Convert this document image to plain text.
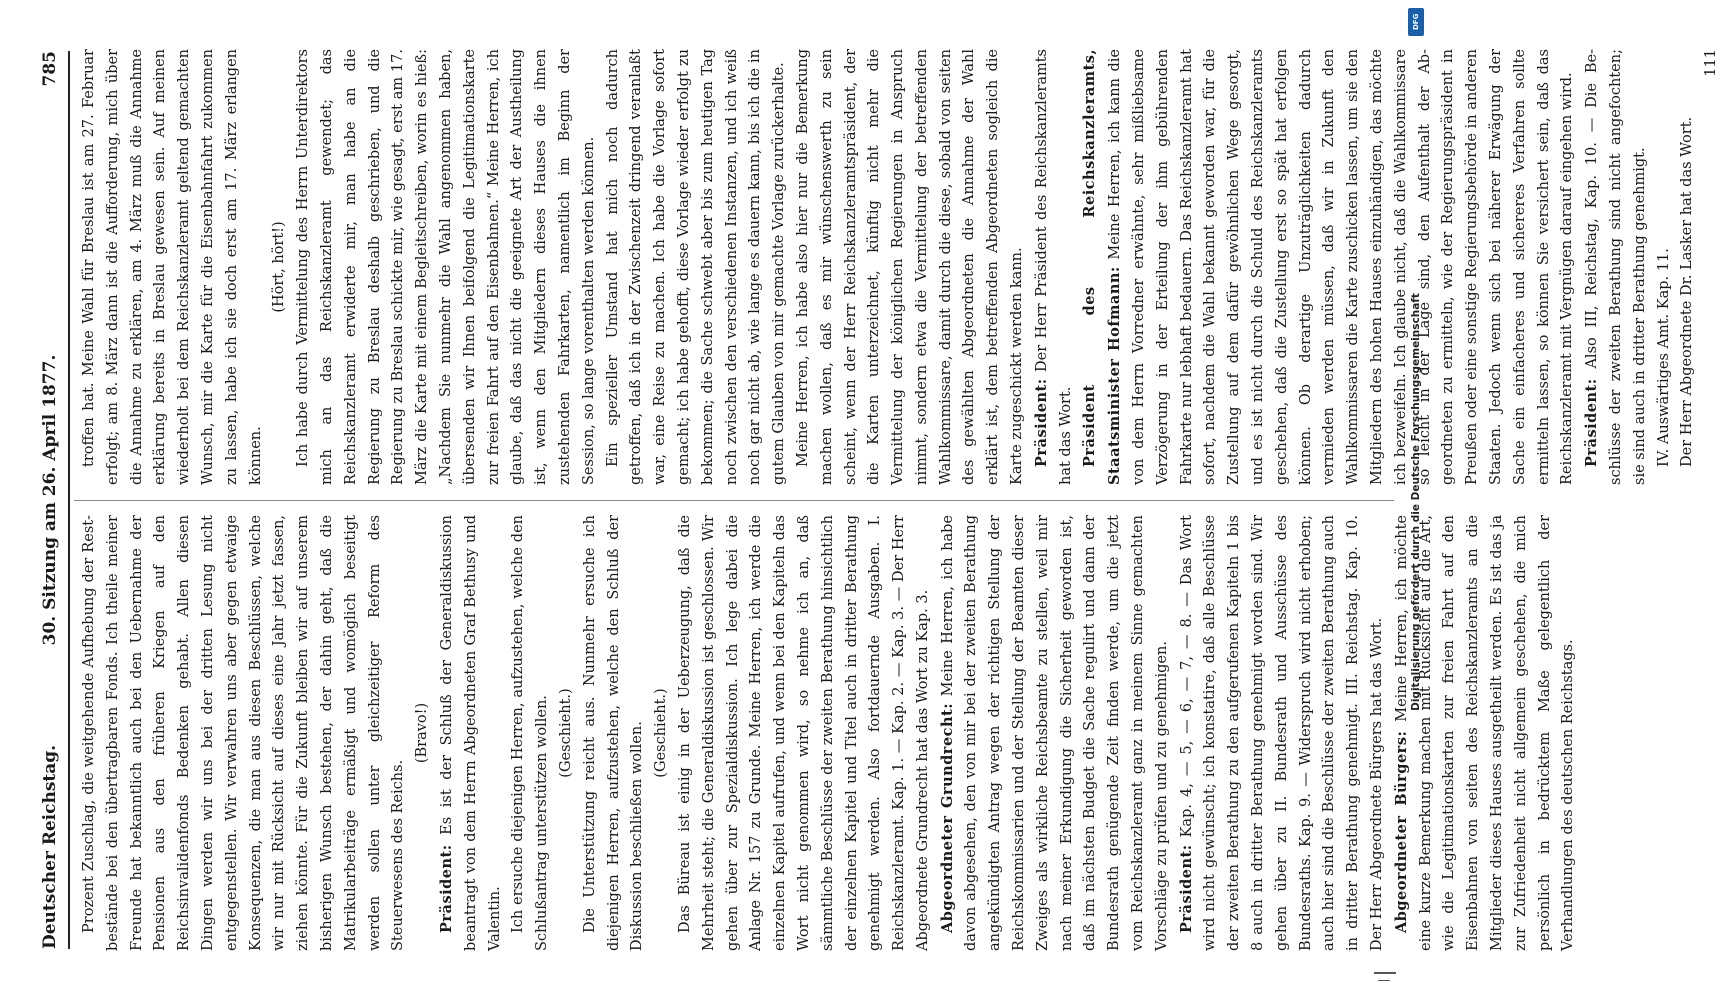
Deutscher Reichstag.
30. Sitzung am 26. April 1877.
785

Prozent Zuschlag, die weitgehende Aufhebung der Restbestände bei den übertragbaren Fonds. Ich theile meiner Freunde hat bekanntlich auch bei den Uebernahme der Pensionen aus den früheren Kriegen auf den Reichsinvalidenfonds Bedenken gehabt. Allen diesen Dingen werden wir uns bei der dritten Lesung nicht entgegenstellen. Wir verwahren uns aber gegen etwaige Konsequenzen, die man aus diesen Beschlüssen, welche wir nur mit Rücksicht auf dieses eine Jahr jetzt fassen, ziehen könnte. Für die Zukunft bleiben wir auf unserem bisherigen Wunsch bestehen, der dahin geht, daß die Matrikularbeiträge ermäßigt und womöglich beseitigt werden sollen unter gleichzeitiger Reform des Steuerwesens des Reichs.

(Bravo!)

Präsident: Es ist der Schluß der Generaldiskussion beantragt von dem Herrn Abgeordneten Graf Bethusy und Valentin. Ich ersuche diejenigen Herren, aufzustehen, welche den Schlußantrag unterstützen wollen. (Geschieht.) Die Unterstützung reicht aus. Nunmehr ersuche ich diejenigen Herren, aufzustehen, welche den Schluß der Diskussion beschließen wollen. (Geschieht.) Das Büreau ist einig in der Ueberzeugung, daß die Mehrheit steht; die Generaldiskussion ist geschlossen. Wir gehen über zur Spezialdiskussion. Ich lege dabei die Anlage Nr. 157 zu Grunde. Meine Herren, ich werde die einzelnen Kapitel aufrufen, und wenn bei den Kapiteln das Wort nicht genommen wird, so nehme ich an, daß sämmtliche Beschlüsse der zweiten Berathung hinsichtlich der einzelnen Kapitel und Titel auch in dritter Berathung genehmigt werden. Also fortdauernde Ausgaben. I. Reichskanzleramt. Kap. 1. — Kap. 2. — Kap. 3. — Der Herr Abgeordnete Grundrecht hat das Wort zu Kap. 3. Abgeordneter Grundrecht: Meine Herren, ich habe davon abgesehen, den von mir bei der zweiten Berathung angekündigten Antrag wegen der richtigen Stellung der Reichskommissarien und der Stellung der Beamten dieser Zweiges als wirkliche Reichsbeamte zu stellen, weil mir nach meiner Erkundigung die Sicherheit geworden ist, daß im nächsten Budget die Sache regulirt und dann der Bundesrath genügende Zeit finden werde, um die jetzt vom Reichskanzleramt ganz in meinem Sinne gemachten Vorschläge zu prüfen und zu genehmigen. Präsident: Kap. 4, — 5, — 6, — 7, — 8. — Das Wort wird nicht gewünscht; ich konstatire, daß alle Beschlüsse der zweiten Berathung zu den aufgerufenen Kapiteln 1 bis 8 auch in dritter Berathung genehmigt worden sind. Wir gehen über zu II. Bundesrath und Ausschüsse des Bundesraths. Kap. 9. — Widerspruch wird nicht erhoben; auch hier sind die Beschlüsse der zweiten Berathung auch in dritter Berathung genehmigt. III. Reichstag. Kap. 10. Der Herr Abgeordnete Bürgers hat das Wort. Abgeordneter Bürgers: Meine Herren, ich möchte eine kurze Bemerkung machen mit Rücksicht auf die Art, wie die Legitimationskarten zur freien Fahrt auf den Eisenbahnen von seiten des Reichskanzleramts an die Mitglieder dieses Hauses ausgetheilt werden. Es ist das ja zur Zufriedenheit nicht allgemein geschehen, die mich persönlich in bedrücktem Maße gelegentlich der Verhandlungen des deutschen Reichstags.

troffen hat. Meine Wahl für Breslau ist am 27. Februar erfolgt; am 8. März dann ist die Aufforderung, mich über die Annahme zu erklären, am 4. März muß die Annahme erklärung bereits in Breslau gewesen sein. Auf meinen wiederholt bei dem Reichskanzleramt geltend gemachten Wunsch, mir die Karte für die Eisenbahnfahrt zukommen zu lassen, habe ich sie doch erst am 17. März erlangen können.

(Hört, hört!) Ich habe durch Vermittelung des Herrn Unterdirektors mich an das Reichskanzleramt gewendet; das Reichskanzleramt erwiderte mir, man habe an die Regierung zu Breslau deshalb geschrieben, und die Regierung zu Breslau schickte mir, wie gesagt, erst am 17. März die Karte mit einem Begleitschreiben, worin es hieß: „Nachdem Sie nunmehr die Wahl angenommen haben, übersenden wir Ihnen beifolgend die Legitimationskarte zur freien Fahrt auf den Eisenbahnen.“ Meine Herren, ich glaube, daß das nicht die geeignete Art der Austheilung ist, wenn den Mitgliedern dieses Hauses die ihnen zustehenden Fahrkarten, namentlich im Beginn der Session, so lange vorenthalten werden können. Ein spezieller Umstand hat mich noch dadurch getroffen, daß ich in der Zwischenzeit dringend veranlaßt war, eine Reise zu machen. Ich habe die Vorlage sofort gemacht; ich habe gehofft, diese Vorlage wieder erfolgt zu bekommen; die Sache schwebt aber bis zum heutigen Tag noch zwischen den verschiedenen Instanzen, und ich weiß noch gar nicht ab, wie lange es dauern kann, bis ich die in gutem Glauben von mir gemachte Vorlage zurückerhalte. Meine Herren, ich habe also hier nur die Bemerkung machen wollen, daß es mir wünschenswerth zu sein scheint, wenn der Herr Reichskanzleramtspräsident, der die Karten unterzeichnet, künftig nicht mehr die Vermittelung der königlichen Regierungen in Anspruch nimmt, sondern etwa die Vermittelung der betreffenden Wahlkommissare, damit durch die diese, sobald von seiten des gewählten Abgeordneten die Annahme der Wahl erklärt ist, dem betreffenden Abgeordneten sogleich die Karte zugeschickt werden kann. Präsident: Der Herr Präsident des Reichskanzleramts hat das Wort. Präsident des Reichskanzleramts, Staatsminister Hofmann: Meine Herren, ich kann die von dem Herrn Vorredner erwähnte, sehr mißliebsame Verzögerung in der Erteilung der ihm gebührenden Fahrkarte nur lebhaft bedauern. Das Reichskanzleramt hat sofort, nachdem die Wahl bekannt geworden war, für die Zustellung auf dem dafür gewöhnlichen Wege gesorgt, und es ist nicht durch die Schuld des Reichskanzleramts geschehen, daß die Zustellung erst so spät hat erfolgen können. Ob derartige Unzuträglichkeiten dadurch vermieden werden müssen, daß wir in Zukunft den Wahlkommissaren die Karte zuschicken lassen, um sie den Mitgliedern des hohen Hauses einzuhändigen, das möchte ich bezweifeln. Ich glaube nicht, daß die Wahlkommissare so leicht in der Lage sind, den Aufenthalt der Abgeordneten zu ermitteln, wie der Regierungspräsident in Preußen oder eine sonstige Regierungsbehörde in anderen Staaten. Jedoch wenn sich bei näherer Erwägung der Sache ein einfacheres und sichereres Verfahren sollte ermitteln lassen, so können Sie versichert sein, daß das Reichskanzleramt mit Vergnügen darauf eingehen wird. Präsident: Also III, Reichstag, Kap. 10. — Die Beschlüsse der zweiten Berathung sind nicht angefochten; sie sind auch in dritter Berathung genehmigt. IV. Auswärtiges Amt. Kap. 11. Der Herr Abgeordnete Dr. Lasker hat das Wort.

111

Digitalisierung gefördert durch die Deutsche Forschungsgemeinschaft
DFG
